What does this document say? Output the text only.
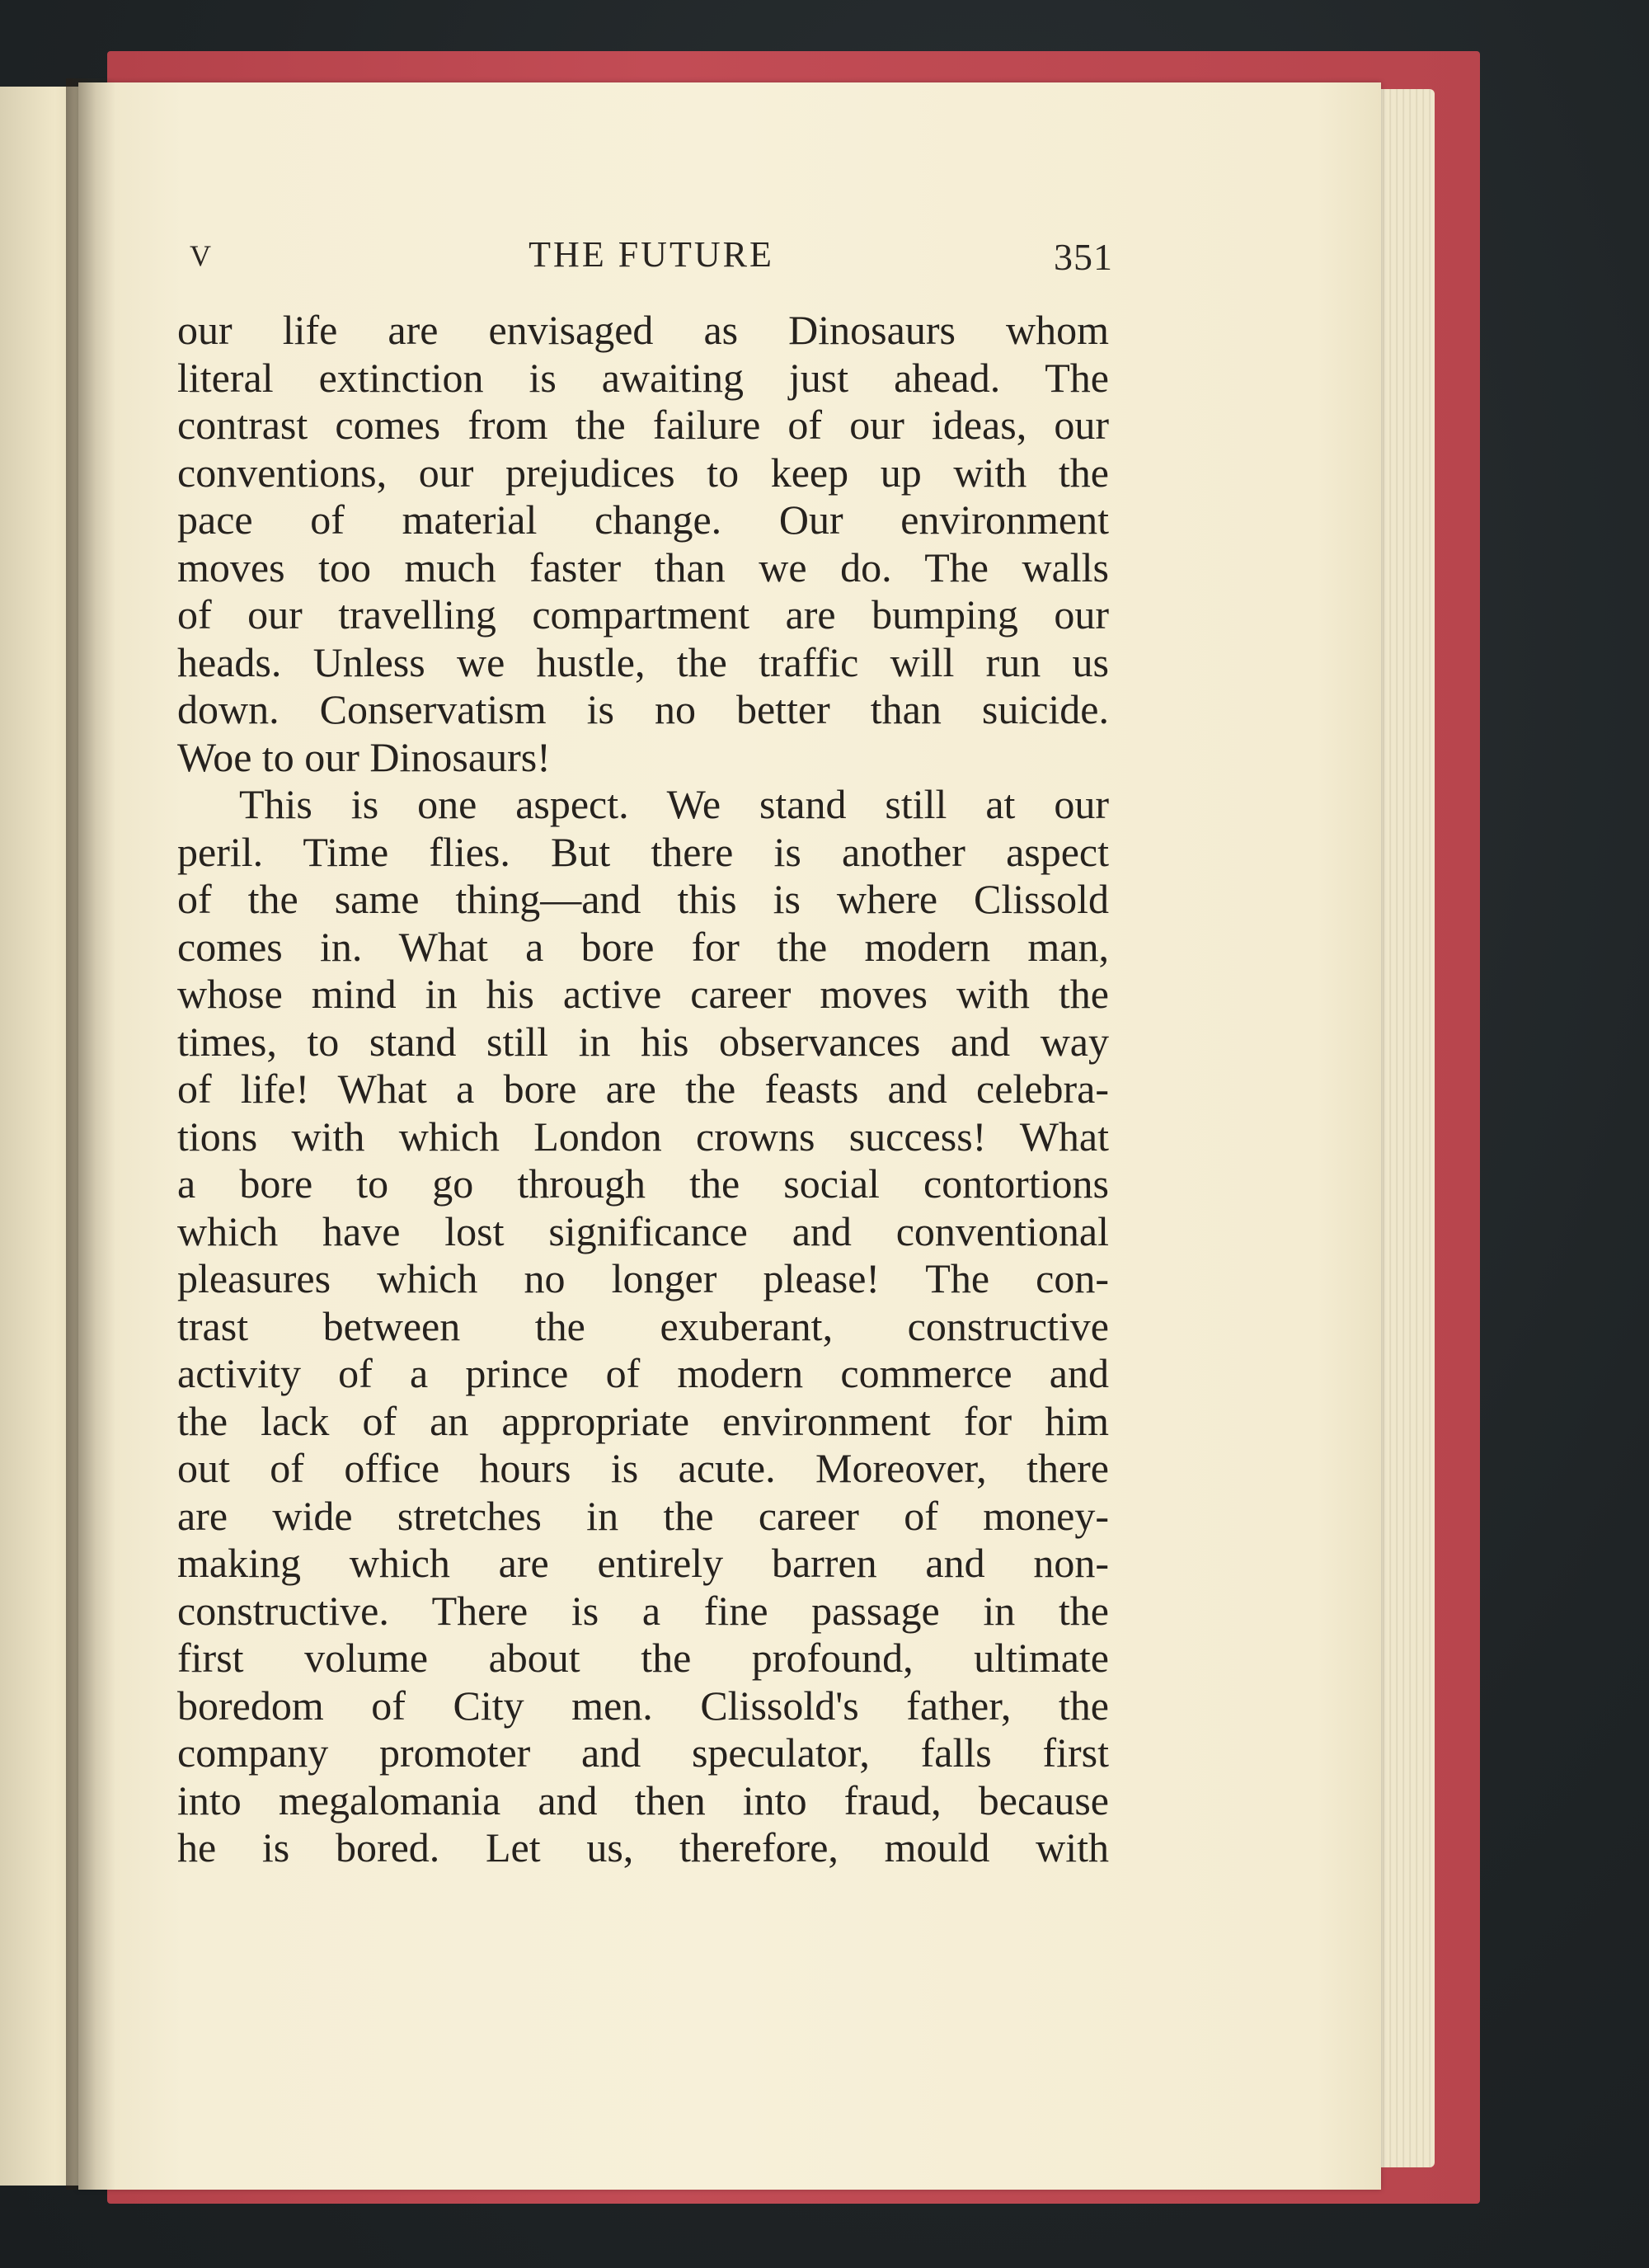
V	THE FUTURE	351
our life are envisaged as Dinosaurs whom
literal extinction is awaiting just ahead. The
contrast comes from the failure of our ideas, our
conventions, our prejudices to keep up with the
pace of material change. Our environment
moves too much faster than we do. The walls
of our travelling compartment are bumping our
heads. Unless we hustle, the traffic will run us
down. Conservatism is no better than suicide.
Woe to our Dinosaurs!
This is one aspect. We stand still at our
peril. Time flies. But there is another aspect
of the same thing—and this is where Clissold
comes in. What a bore for the modern man,
whose mind in his active career moves with the
times, to stand still in his observances and way
of life! What a bore are the feasts and celebra-
tions with which London crowns success! What
a bore to go through the social contortions
which have lost significance and conventional
pleasures which no longer please! The con-
trast between the exuberant, constructive
activity of a prince of modern commerce and
the lack of an appropriate environment for him
out of office hours is acute. Moreover, there
are wide stretches in the career of money-
making which are entirely barren and non-
constructive. There is a fine passage in the
first volume about the profound, ultimate
boredom of City men. Clissold's father, the
company promoter and speculator, falls first
into megalomania and then into fraud, because
he is bored. Let us, therefore, mould with
